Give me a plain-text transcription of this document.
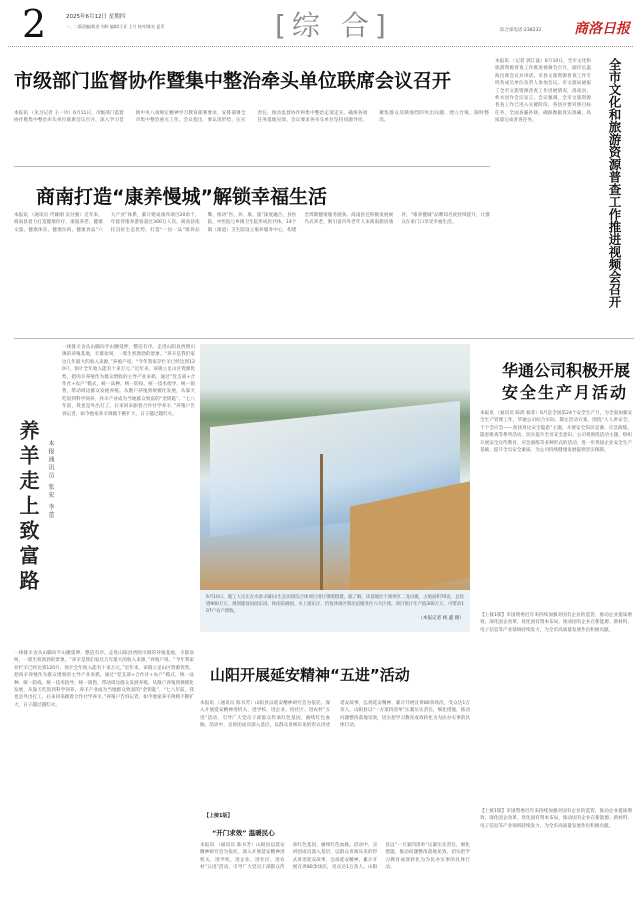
2	2025年6月12日 星期四
一、二版责编/简进 刘晖 编辑/王亚 王月 校对/陈宏 夏青	[综 合]	综合部电话:238232 商洛日报
市级部门监督协作暨集中整治牵头单位联席会议召开
本报讯 （见习记者 王一功）6月11日，市级部门监督协作暨集中整治牵头单位联席会议召开，深入学习贯彻中央八项规定精神学习教育部署要求，安排部署全市集中整治重点工作，会议指出，要认清形势，压实责任，推动监督协作和集中整治走深走实，确保各项任务落地见效。会议要求各牵头单位坚持问题导向，聚焦群众反映强烈的突出问题，建立台账，限时整改。
本报讯 （记者 郭江波）6月10日，全市文化和旅游资源普查工作推进视频会召开，副市长温海出席会议并讲话。市县文旅资源普查工作专班各成员单位负责人参加会议。市文旅局通报了全市文旅资源普查工作进展情况，洛南县、柞水县作会议发言。会议强调，全市文旅资源普查工作已进入关键阶段，各县区要对照目标任务，全面查漏补缺，确保数据真实准确，高质量完成普查任务。	全市文化和旅游资源普查工作推进视频会召开
商南打造“康养慢城”解锁幸福生活
本报讯 （通讯员 代雄刚 吴付强）近年来，商南县着力打造健康医疗、康旅养老、健康文旅、健康体育、健康医药、健康食品“六大产业”体系，累计建成康养项目20余个，年接待康养游客超过300万人次。商南县依托良好生态优势，打造“一县一品”康养品牌，推动“医、养、康、旅”深度融合，县医院、中医院与乡镇卫生院形成医共体，14个镇（街道）卫生院设立康养服务中心，构建全周期健康服务链条。商南县还积极发展候鸟式养老，吸引省内外老年人来商南旅居康养，“康养慢城”品牌知名度持续提升，让群众在家门口享受幸福生活。
养羊走上致富路	本报通讯员 张宏 李蕾
一排排羊舍从山脚向半山腰延伸，整洁有序。走进山阳县西照川镇的养殖基地，羊群欢叫，一派生机勃勃的景象。“养羊是我们家这几年最大的收入来源，”养殖户说，“今年我家存栏羊已经达到120只，预计全年收入能有十来万元。”近年来，该镇立足山区资源优势，把肉羊养殖作为群众增收的主导产业来抓，通过“党支部+合作社+农户”模式，统一品种、统一防疫、统一技术指导、统一销售，带动周边群众发展养殖。从散户养殖到规模化发展，从靠天吃饭到科学饲养，养羊产业成为当地群众致富的“金钥匙”。“七八年前，我也是外出打工，后来回来跟着合作社学养羊，”养殖户告诉记者，如今他家养羊规模不断扩大，日子越过越红火。
6月10日，施工人员正在水涯·尚阳山生态田园综合体项目进行钢架搭建。据了解，该基地位于商州区二龙山镇，占地面积70亩，总投资900万元，规划建设田园乐园、休闲采摘园、水上游乐区、钓鱼休闲区和民宿服务区六大区域。项目预计年产值300万元，可带动107户农户增收。
（本报记者 杨 鑫 摄）
华通公司积极开展
安全生产月活动
本报讯 （通讯员 陈鸿 杨菲）6月是全国第24个安全生产月，为全面加强安全生产管理工作，华通公司结合实际，制定活动方案，围绕“人人讲安全、个个会应急——查找身边安全隐患”主题，开展安全知识竞赛、应急演练、隐患排查等系列活动，切实提升全员安全意识。公司将围绕活动主题，组织开展安全宣传教育、应急演练等多种形式的活动，进一步巩固企业安全生产基础，提升全员安全素质，为公司持续健康发展提供坚实保障。
【上接1版】市国资委近年来持续加强对国有企业的监管，推动企业提质增效，深化国企改革，优化国有资本布局，推动国有企业在新能源、新材料、电子信息等产业领域持续发力，为全市高质量发展作出积极贡献。
山阳开展延安精神“五进”活动
本报讯 （通讯员 陈书芳）山阳县以延安精神研究会为依托，深入开展延安精神进机关、进学校、进企业、进社区、进农村“五进”活动，引导广大党员干部群众传承红色基因，赓续红色血脉。活动中，宣讲团成员深入基层，以群众喜闻乐见的形式讲述延安故事，弘扬延安精神，累计开展宣讲80余场次，受众达1万余人。山阳县以“一方案四清单”压紧压实责任，细化措施，推动问题整改落地见效，切实把学习教育成效转化为为民办实事的具体行动。
【上接1版】
“开门求效” 温暖民心
本报讯 （通讯员 陈书芳）山阳县以延安精神研究会为依托，深入开展延安精神进机关、进学校、进企业、进社区、进农村“五进”活动，引导广大党员干部群众传承红色基因，赓续红色血脉。活动中，宣讲团成员深入基层，以群众喜闻乐见的形式讲述延安故事，弘扬延安精神，累计开展宣讲80余场次，受众达1万余人。山阳县以“一方案四清单”压紧压实责任，细化措施，推动问题整改落地见效，切实把学习教育成效转化为为民办实事的具体行动。
一排排羊舍从山脚向半山腰延伸，整洁有序。走进山阳县西照川镇的养殖基地，羊群欢叫，一派生机勃勃的景象。“养羊是我们家这几年最大的收入来源，”养殖户说，“今年我家存栏羊已经达到120只，预计全年收入能有十来万元。”近年来，该镇立足山区资源优势，把肉羊养殖作为群众增收的主导产业来抓，通过“党支部+合作社+农户”模式，统一品种、统一防疫、统一技术指导、统一销售，带动周边群众发展养殖。从散户养殖到规模化发展，从靠天吃饭到科学饲养，养羊产业成为当地群众致富的“金钥匙”。“七八年前，我也是外出打工，后来回来跟着合作社学养羊，”养殖户告诉记者，如今他家养羊规模不断扩大，日子越过越红火。
【上接1版】市国资委近年来持续加强对国有企业的监管，推动企业提质增效，深化国企改革，优化国有资本布局，推动国有企业在新能源、新材料、电子信息等产业领域持续发力，为全市高质量发展作出积极贡献。
